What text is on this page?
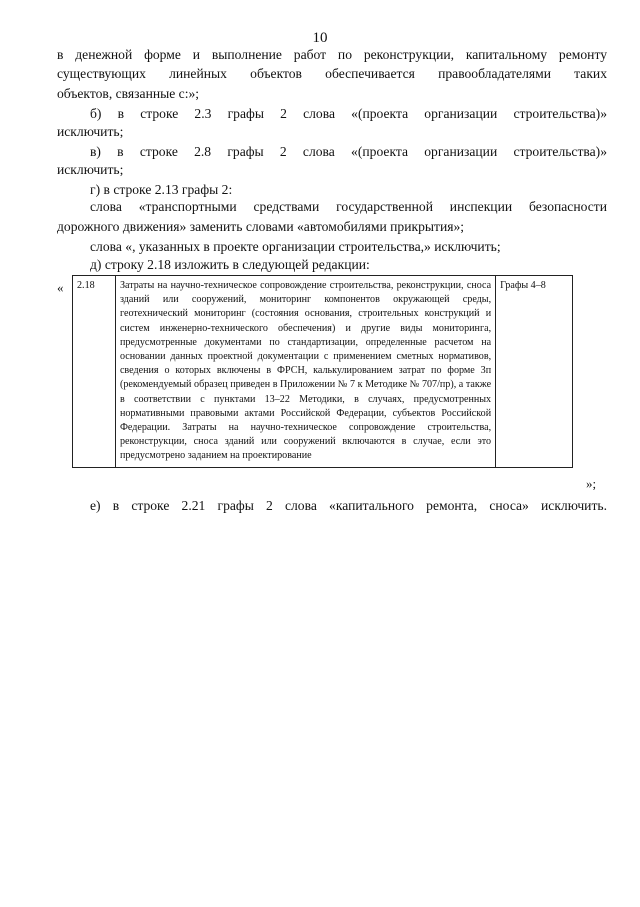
10

в денежной форме и выполнение работ по реконструкции, капитальному ремонту

существующих линейных объектов обеспечивается правообладателями таких

объектов, связанные с:»;

б) в строке 2.3 графы 2 слова «(проекта организации строительства)»

исключить;

в) в строке 2.8 графы 2 слова «(проекта организации строительства)»

исключить;

г) в строке 2.13 графы 2:

слова «транспортными средствами государственной инспекции безопасности

дорожного движения» заменить словами «автомобилями прикрытия»;

слова «, указанных в проекте организации строительства,» исключить;

д) строку 2.18 изложить в следующей редакции:

« 2.18	Затраты на научно-техническое сопровождение строительства, реконструкции, сноса зданий или сооружений, мониторинг компонентов окружающей среды, геотехнический мониторинг (состояния основания, строительных конструкций и систем инженерно-технического обеспечения) и другие виды мониторинга, предусмотренные документами по стандартизации, определенные расчетом на основании данных проектной документации с применением сметных нормативов, сведения о которых включены в ФРСН, калькулированием затрат по форме 3п (рекомендуемый образец приведен в Приложении № 7 к Методике № 707/пр), а также в соответствии с пунктами 13–22 Методики, в случаях, предусмотренных нормативными правовыми актами Российской Федерации, субъектов Российской Федерации. Затраты на научно-техническое сопровождение строительства, реконструкции, сноса зданий или сооружений включаются в случае, если это предусмотрено заданием на проектирование	Графы 4–8
»;

е) в строке 2.21 графы 2 слова «капитального ремонта, сноса» исключить.
